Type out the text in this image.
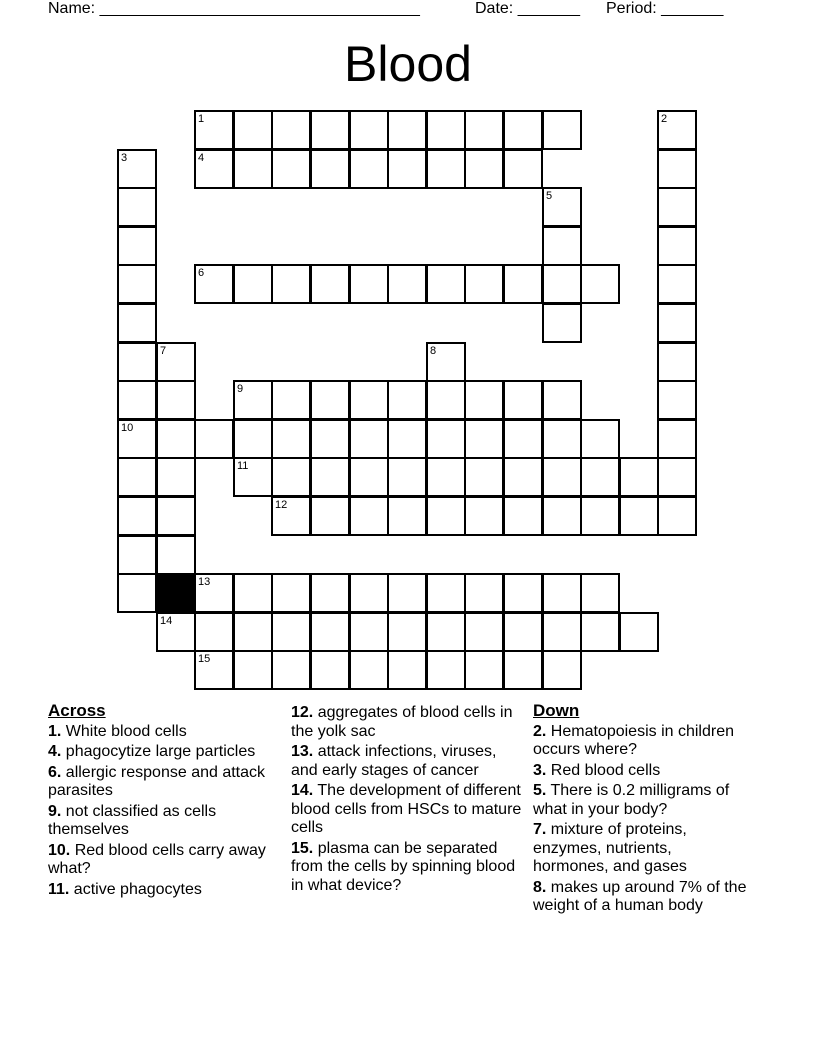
Name: ____________________________________	Date: _______ Period: _______
Blood
1	2
3	4
5
6
7	8
9
10
11
12
13
14
15
Across
1. White blood cells
4. phagocytize large particles
6. allergic response and attack parasites
9. not classified as cells themselves
10. Red blood cells carry away what?
11. active phagocytes
12. aggregates of blood cells in the yolk sac
13. attack infections, viruses, and early stages of cancer
14. The development of different blood cells from HSCs to mature cells
15. plasma can be separated from the cells by spinning blood in what device?
Down
2. Hematopoiesis in children occurs where?
3. Red blood cells
5. There is 0.2 milligrams of what in your body?
7. mixture of proteins, enzymes, nutrients, hormones, and gases
8. makes up around 7% of the weight of a human body
